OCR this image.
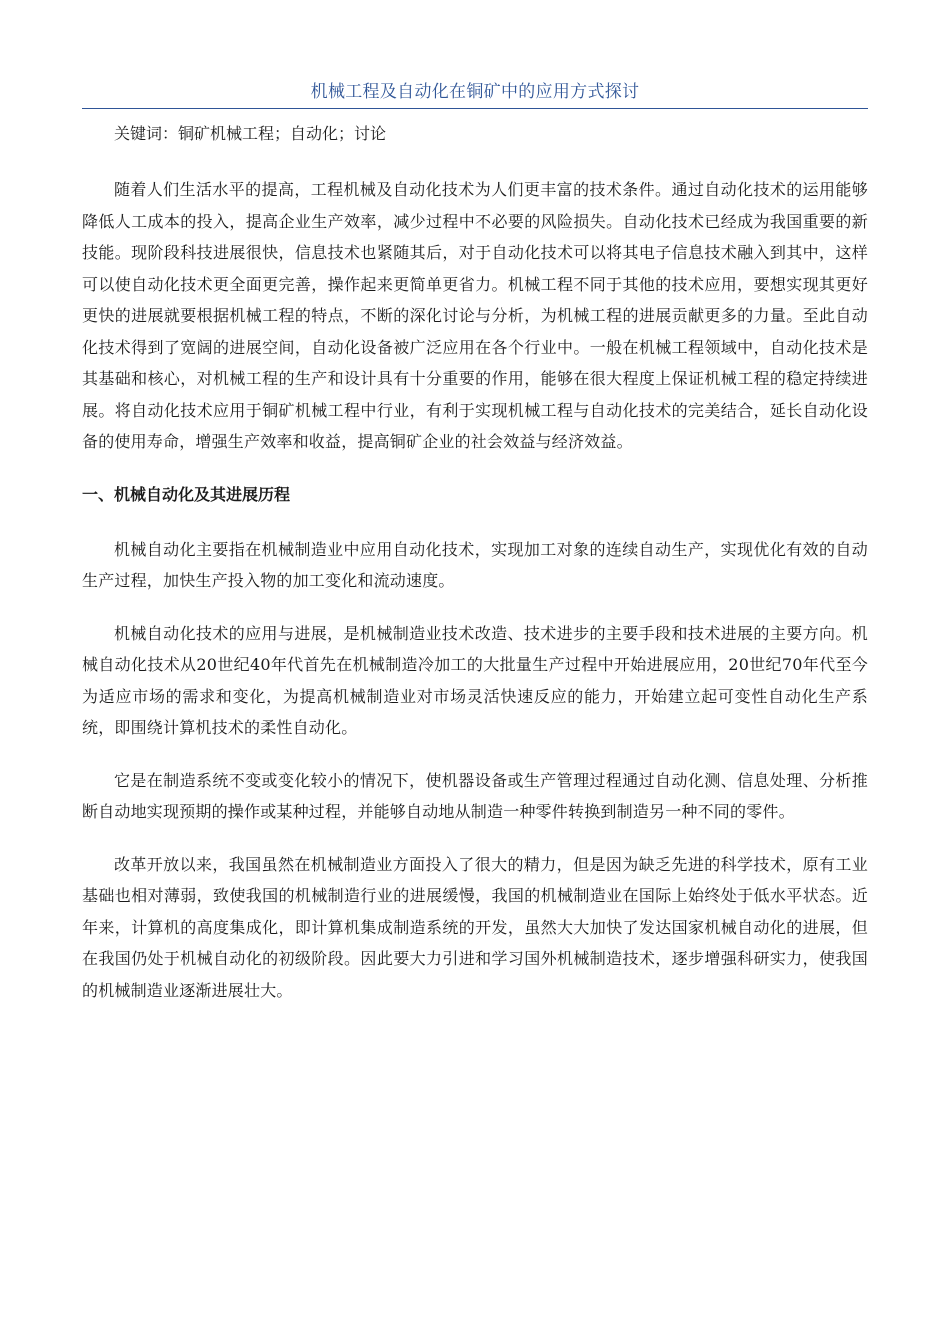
机械工程及自动化在铜矿中的应用方式探讨
关键词：铜矿机械工程；自动化；讨论

随着人们生活水平的提高，工程机械及自动化技术为人们更丰富的技术条件。通过自动化技术的运用能够降低人工成本的投入，提高企业生产效率，减少过程中不必要的风险损失。自动化技术已经成为我国重要的新技能。现阶段科技进展很快，信息技术也紧随其后，对于自动化技术可以将其电子信息技术融入到其中，这样可以使自动化技术更全面更完善，操作起来更简单更省力。机械工程不同于其他的技术应用，要想实现其更好更快的进展就要根据机械工程的特点，不断的深化讨论与分析，为机械工程的进展贡献更多的力量。至此自动化技术得到了宽阔的进展空间，自动化设备被广泛应用在各个行业中。一般在机械工程领域中，自动化技术是其基础和核心，对机械工程的生产和设计具有十分重要的作用，能够在很大程度上保证机械工程的稳定持续进展。将自动化技术应用于铜矿机械工程中行业，有利于实现机械工程与自动化技术的完美结合，延长自动化设备的使用寿命，增强生产效率和收益，提高铜矿企业的社会效益与经济效益。

一、机械自动化及其进展历程

机械自动化主要指在机械制造业中应用自动化技术，实现加工对象的连续自动生产，实现优化有效的自动生产过程，加快生产投入物的加工变化和流动速度。

机械自动化技术的应用与进展，是机械制造业技术改造、技术进步的主要手段和技术进展的主要方向。机械自动化技术从20世纪40年代首先在机械制造冷加工的大批量生产过程中开始进展应用，20世纪70年代至今为适应市场的需求和变化，为提高机械制造业对市场灵活快速反应的能力，开始建立起可变性自动化生产系统，即围绕计算机技术的柔性自动化。

它是在制造系统不变或变化较小的情况下，使机器设备或生产管理过程通过自动化测、信息处理、分析推断自动地实现预期的操作或某种过程，并能够自动地从制造一种零件转换到制造另一种不同的零件。

改革开放以来，我国虽然在机械制造业方面投入了很大的精力，但是因为缺乏先进的科学技术，原有工业基础也相对薄弱，致使我国的机械制造行业的进展缓慢，我国的机械制造业在国际上始终处于低水平状态。近年来，计算机的高度集成化，即计算机集成制造系统的开发，虽然大大加快了发达国家机械自动化的进展，但在我国仍处于机械自动化的初级阶段。因此要大力引进和学习国外机械制造技术，逐步增强科研实力，使我国的机械制造业逐渐进展壮大。
